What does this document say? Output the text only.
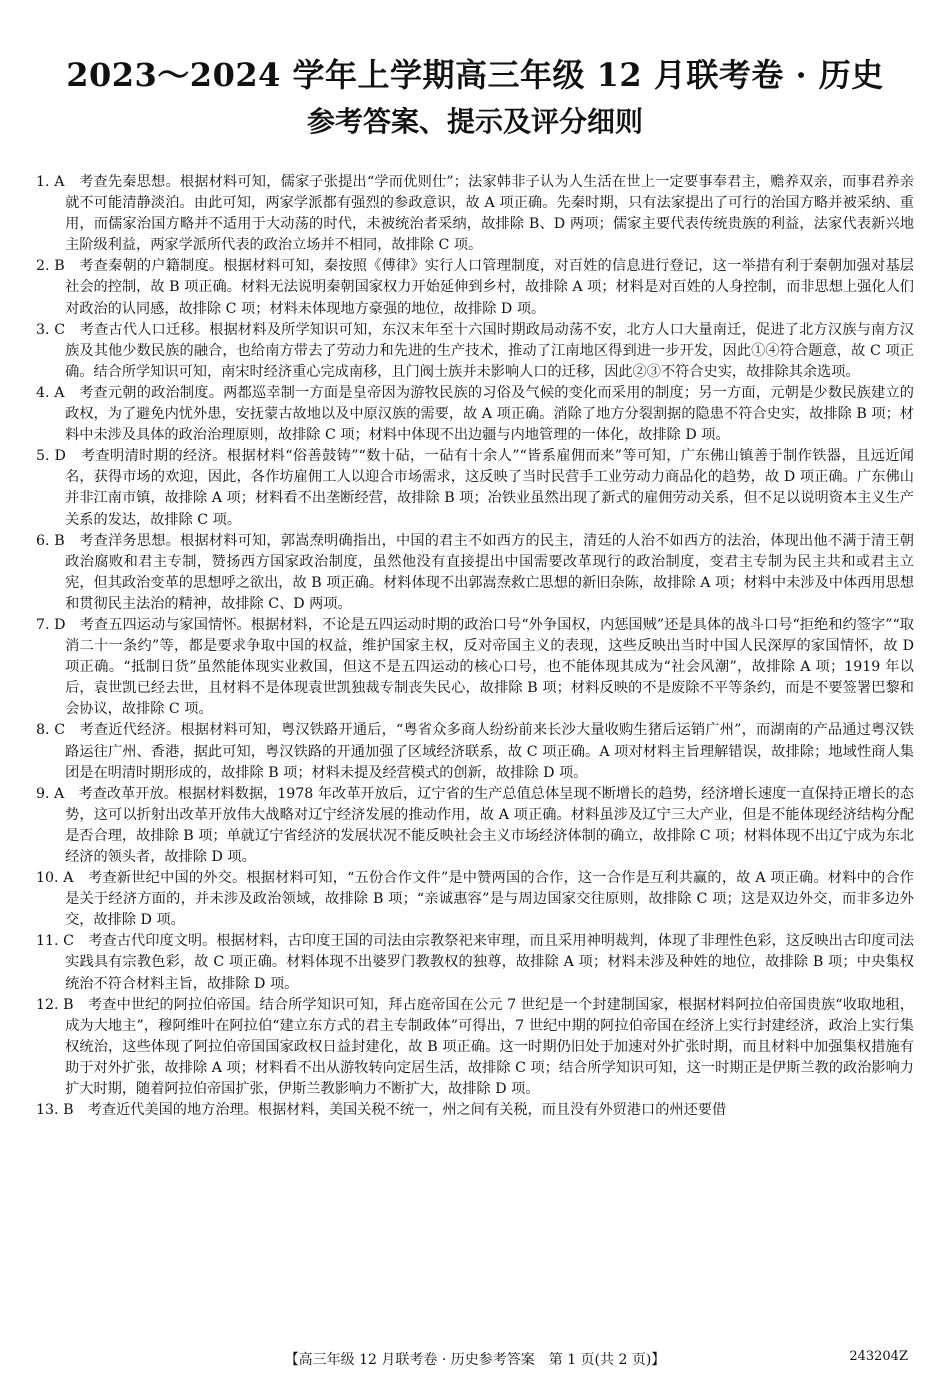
2023～2024 学年上学期高三年级 12 月联考卷 · 历史
参考答案、提示及评分细则

1. A　考查先秦思想。根据材料可知，儒家子张提出“学而优则仕”；法家韩非子认为人生活在世上一定要事奉君主，赡养双亲，而事君养亲就不可能清静淡泊。由此可知，两家学派都有强烈的参政意识，故 A 项正确。先秦时期，只有法家提出了可行的治国方略并被采纳、重用，而儒家治国方略并不适用于大动荡的时代，未被统治者采纳，故排除 B、D 两项；儒家主要代表传统贵族的利益，法家代表新兴地主阶级利益，两家学派所代表的政治立场并不相同，故排除 C 项。

2. B　考查秦朝的户籍制度。根据材料可知，秦按照《傅律》实行人口管理制度，对百姓的信息进行登记，这一举措有利于秦朝加强对基层社会的控制，故 B 项正确。材料无法说明秦朝国家权力开始延伸到乡村，故排除 A 项；材料是对百姓的人身控制，而非思想上强化人们对政治的认同感，故排除 C 项；材料未体现地方豪强的地位，故排除 D 项。

3. C　考查古代人口迁移。根据材料及所学知识可知，东汉末年至十六国时期政局动荡不安，北方人口大量南迁，促进了北方汉族与南方汉族及其他少数民族的融合，也给南方带去了劳动力和先进的生产技术，推动了江南地区得到进一步开发，因此①④符合题意，故 C 项正确。结合所学知识可知，南宋时经济重心完成南移，且门阀士族并未影响人口的迁移，因此②③不符合史实，故排除其余选项。

4. A　考查元朝的政治制度。两都巡幸制一方面是皇帝因为游牧民族的习俗及气候的变化而采用的制度；另一方面，元朝是少数民族建立的政权，为了避免内忧外患，安抚蒙古故地以及中原汉族的需要，故 A 项正确。消除了地方分裂割据的隐患不符合史实，故排除 B 项；材料中未涉及具体的政治治理原则，故排除 C 项；材料中体现不出边疆与内地管理的一体化，故排除 D 项。

5. D　考查明清时期的经济。根据材料“俗善鼓铸”“数十砧，一砧有十余人”“皆系雇佣而来”等可知，广东佛山镇善于制作铁器，且远近闻名，获得市场的欢迎，因此，各作坊雇佣工人以迎合市场需求，这反映了当时民营手工业劳动力商品化的趋势，故 D 项正确。广东佛山并非江南市镇，故排除 A 项；材料看不出垄断经营，故排除 B 项；冶铁业虽然出现了新式的雇佣劳动关系，但不足以说明资本主义生产关系的发达，故排除 C 项。

6. B　考查洋务思想。根据材料可知，郭嵩焘明确指出，中国的君主不如西方的民主，清廷的人治不如西方的法治，体现出他不满于清王朝政治腐败和君主专制，赞扬西方国家政治制度，虽然他没有直接提出中国需要改革现行的政治制度，变君主专制为民主共和或君主立宪，但其政治变革的思想呼之欲出，故 B 项正确。材料体现不出郭嵩焘救亡思想的新旧杂陈，故排除 A 项；材料中未涉及中体西用思想和贯彻民主法治的精神，故排除 C、D 两项。

7. D　考查五四运动与家国情怀。根据材料，不论是五四运动时期的政治口号“外争国权，内惩国贼”还是具体的战斗口号“拒绝和约签字”“取消二十一条约”等，都是要求争取中国的权益，维护国家主权，反对帝国主义的表现，这些反映出当时中国人民深厚的家国情怀，故 D 项正确。“抵制日货”虽然能体现实业救国，但这不是五四运动的核心口号，也不能体现其成为“社会风潮”，故排除 A 项；1919 年以后，袁世凯已经去世，且材料不是体现袁世凯独裁专制丧失民心，故排除 B 项；材料反映的不是废除不平等条约，而是不要签署巴黎和会协议，故排除 C 项。

8. C　考查近代经济。根据材料可知，粤汉铁路开通后，“粤省众多商人纷纷前来长沙大量收购生猪后运销广州”，而湖南的产品通过粤汉铁路运往广州、香港，据此可知，粤汉铁路的开通加强了区域经济联系，故 C 项正确。A 项对材料主旨理解错误，故排除；地域性商人集团是在明清时期形成的，故排除 B 项；材料未提及经营模式的创新，故排除 D 项。

9. A　考查改革开放。根据材料数据，1978 年改革开放后，辽宁省的生产总值总体呈现不断增长的趋势，经济增长速度一直保持正增长的态势，这可以折射出改革开放伟大战略对辽宁经济发展的推动作用，故 A 项正确。材料虽涉及辽宁三大产业，但是不能体现经济结构分配是否合理，故排除 B 项；单就辽宁省经济的发展状况不能反映社会主义市场经济体制的确立，故排除 C 项；材料体现不出辽宁成为东北经济的领头者，故排除 D 项。

10. A　考查新世纪中国的外交。根据材料可知，“五份合作文件”是中赞两国的合作，这一合作是互利共赢的，故 A 项正确。材料中的合作是关于经济方面的，并未涉及政治领域，故排除 B 项；“亲诚惠容”是与周边国家交往原则，故排除 C 项；这是双边外交，而非多边外交，故排除 D 项。

11. C　考查古代印度文明。根据材料，古印度王国的司法由宗教祭祀来审理，而且采用神明裁判，体现了非理性色彩，这反映出古印度司法实践具有宗教色彩，故 C 项正确。材料体现不出婆罗门教教权的独尊，故排除 A 项；材料未涉及种姓的地位，故排除 B 项；中央集权统治不符合材料主旨，故排除 D 项。

12. B　考查中世纪的阿拉伯帝国。结合所学知识可知，拜占庭帝国在公元 7 世纪是一个封建制国家，根据材料阿拉伯帝国贵族“收取地租，成为大地主”，穆阿维叶在阿拉伯“建立东方式的君主专制政体”可得出，7 世纪中期的阿拉伯帝国在经济上实行封建经济，政治上实行集权统治，这些体现了阿拉伯帝国国家政权日益封建化，故 B 项正确。这一时期仍旧处于加速对外扩张时期，而且材料中加强集权措施有助于对外扩张，故排除 A 项；材料看不出从游牧转向定居生活，故排除 C 项；结合所学知识可知，这一时期正是伊斯兰教的政治影响力扩大时期，随着阿拉伯帝国扩张，伊斯兰教影响力不断扩大，故排除 D 项。

13. B　考查近代美国的地方治理。根据材料，美国关税不统一，州之间有关税，而且没有外贸港口的州还要借

【高三年级 12 月联考卷 · 历史参考答案　第 1 页(共 2 页)】	243204Z
